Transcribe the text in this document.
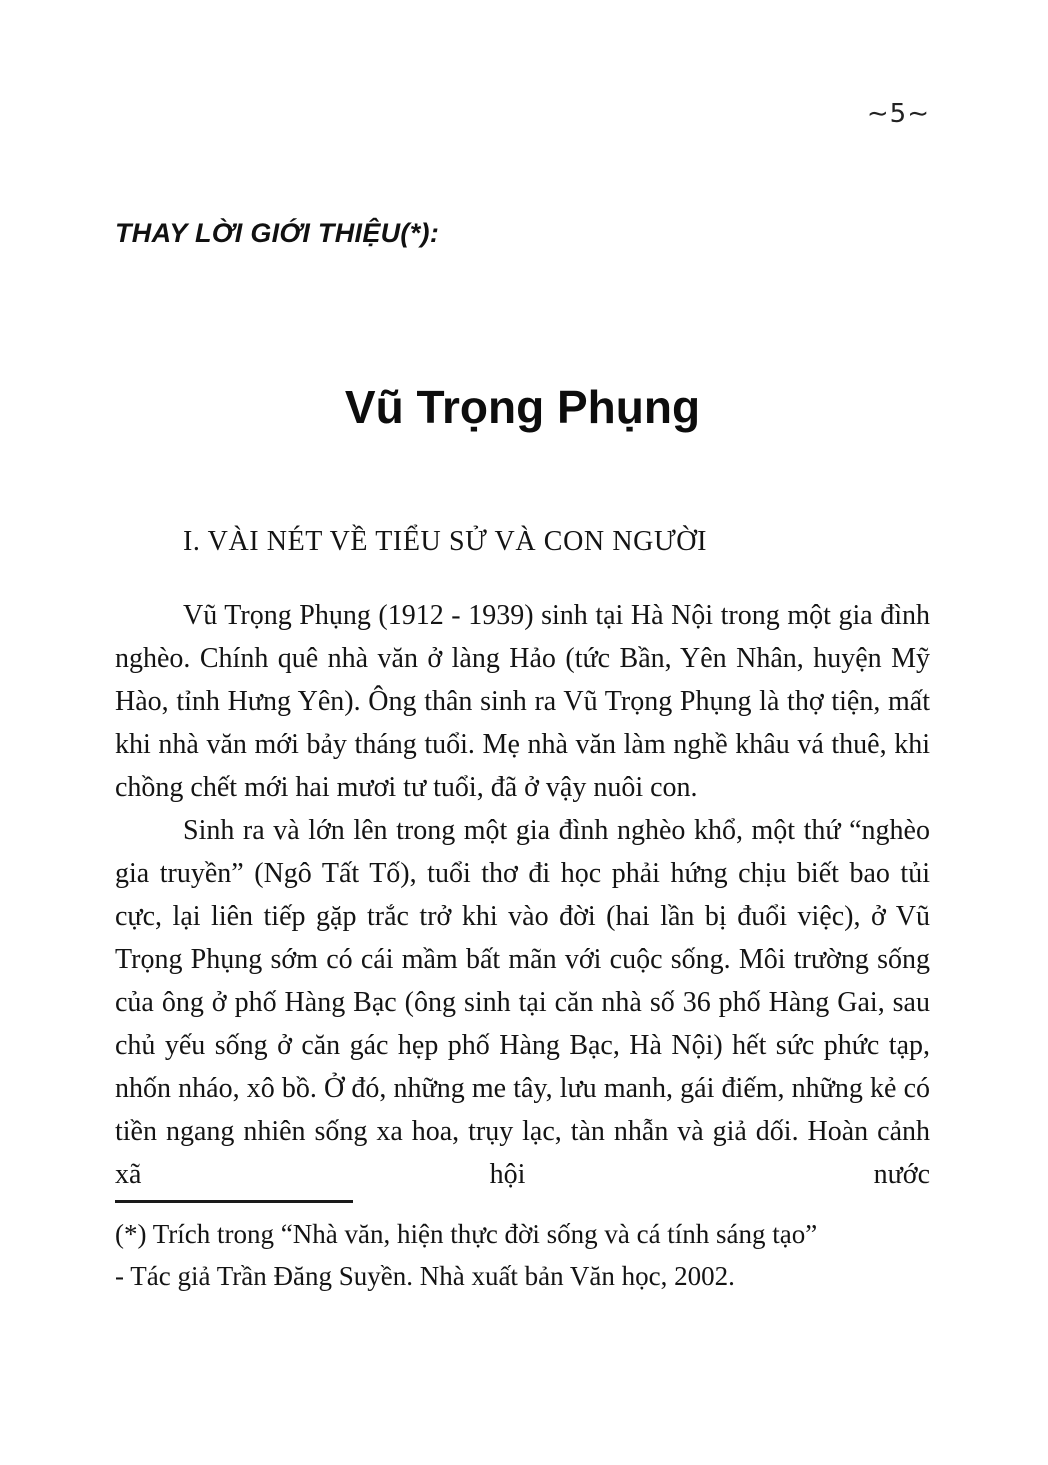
∼5∼
THAY LỜI GIỚI THIỆU(*):
Vũ Trọng Phụng
I. VÀI NÉT VỀ TIỂU SỬ VÀ CON NGƯỜI

Vũ Trọng Phụng (1912 - 1939) sinh tại Hà Nội trong một gia đình nghèo. Chính quê nhà văn ở làng Hảo (tức Bần, Yên Nhân, huyện Mỹ Hào, tỉnh Hưng Yên). Ông thân sinh ra Vũ Trọng Phụng là thợ tiện, mất khi nhà văn mới bảy tháng tuổi. Mẹ nhà văn làm nghề khâu vá thuê, khi chồng chết mới hai mươi tư tuổi, đã ở vậy nuôi con.

Sinh ra và lớn lên trong một gia đình nghèo khổ, một thứ “nghèo gia truyền” (Ngô Tất Tố), tuổi thơ đi học phải hứng chịu biết bao tủi cực, lại liên tiếp gặp trắc trở khi vào đời (hai lần bị đuổi việc), ở Vũ Trọng Phụng sớm có cái mầm bất mãn với cuộc sống. Môi trường sống của ông ở phố Hàng Bạc (ông sinh tại căn nhà số 36 phố Hàng Gai, sau chủ yếu sống ở căn gác hẹp phố Hàng Bạc, Hà Nội) hết sức phức tạp, nhốn nháo, xô bồ. Ở đó, những me tây, lưu manh, gái điếm, những kẻ có tiền ngang nhiên sống xa hoa, trụy lạc, tàn nhẫn và giả dối. Hoàn cảnh xã hội nước

(*) Trích trong “Nhà văn, hiện thực đời sống và cá tính sáng tạo”
- Tác giả Trần Đăng Suyền. Nhà xuất bản Văn học, 2002.
